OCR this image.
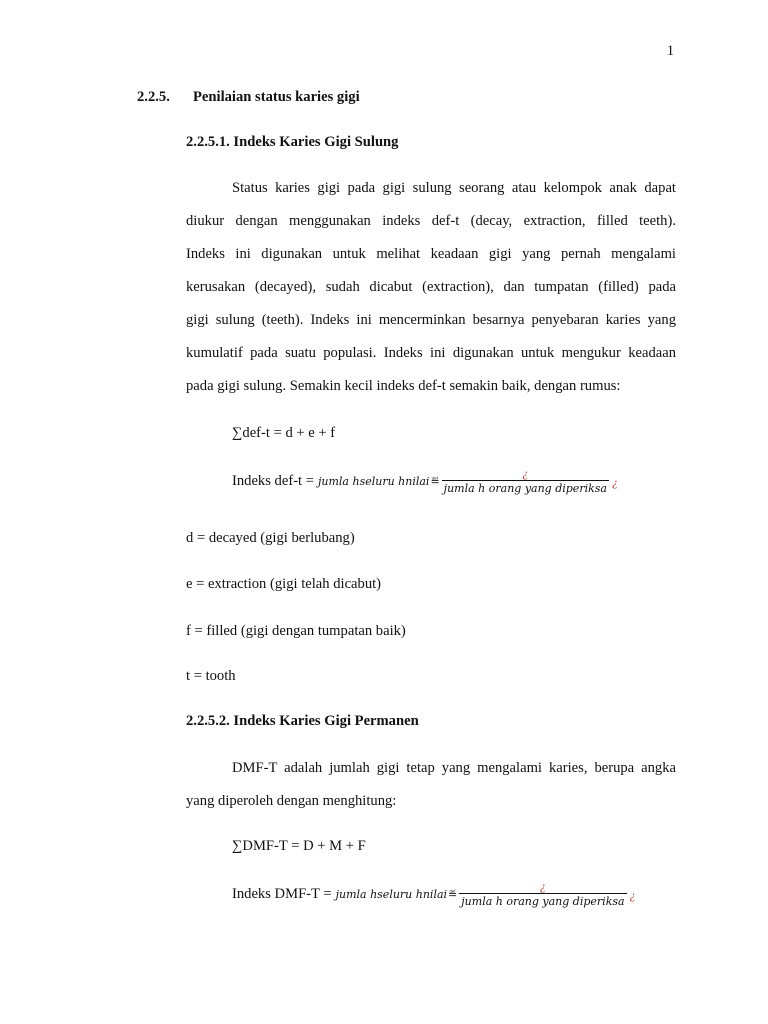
1
2.2.5. Penilaian status karies gigi
2.2.5.1. Indeks Karies Gigi Sulung
Status karies gigi pada gigi sulung seorang atau kelompok anak dapat
diukur dengan menggunakan indeks def-t (decay, extraction, filled teeth).
Indeks ini digunakan untuk melihat keadaan gigi yang pernah mengalami
kerusakan (decayed), sudah dicabut (extraction), dan tumpatan (filled) pada
gigi sulung (teeth). Indeks ini mencerminkan besarnya penyebaran karies yang
kumulatif pada suatu populasi. Indeks ini digunakan untuk mengukur keadaan
pada gigi sulung. Semakin kecil indeks def-t semakin baik, dengan rumus:
∑def-t = d + e + f
Indeks def-t = jumla hseluru hnilai ≝ $\frac{¿}{\text{jumla h orang yang diperiksa}}$ ¿
d = decayed (gigi berlubang)
e = extraction (gigi telah dicabut)
f = filled (gigi dengan tumpatan baik)
t = tooth
2.2.5.2. Indeks Karies Gigi Permanen
DMF-T adalah jumlah gigi tetap yang mengalami karies, berupa angka
yang diperoleh dengan menghitung:
∑DMF-T = D + M + F
Indeks DMF-T = jumla hseluru hnilai ≝ $\frac{¿}{\text{jumla h orang yang diperiksa}}$ ¿
